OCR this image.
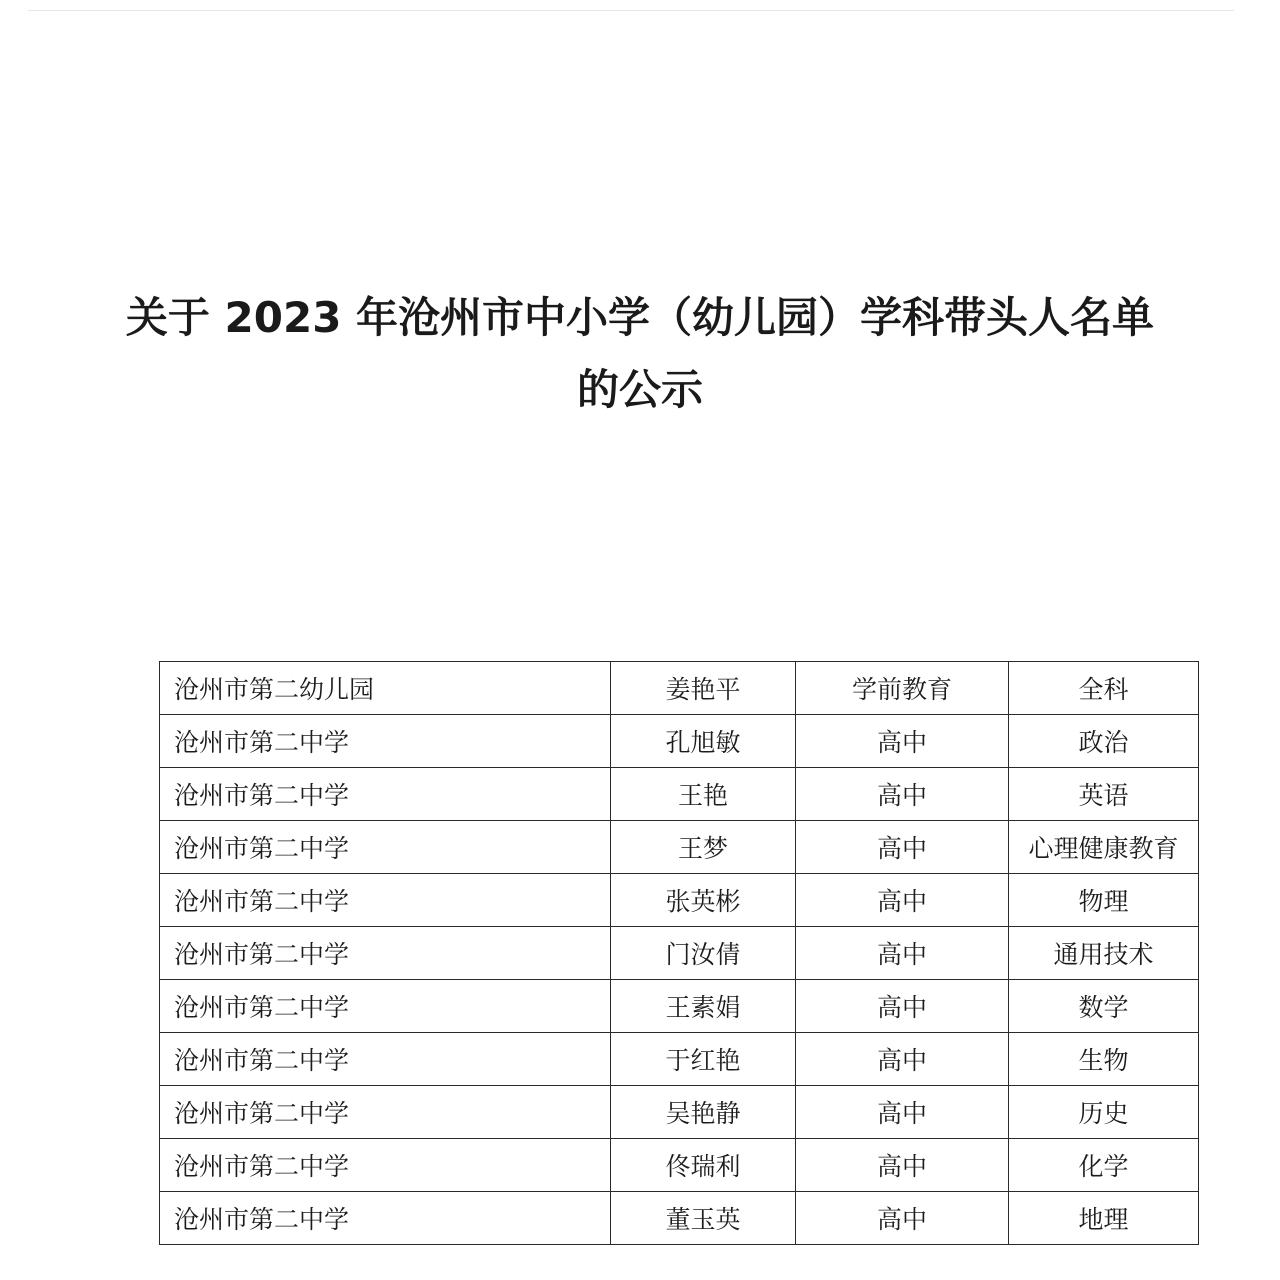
关于 2023 年沧州市中小学（幼儿园）学科带头人名单
的公示
沧州市第二幼儿园	姜艳平	学前教育	全科
沧州市第二中学	孔旭敏	高中	政治
沧州市第二中学	王艳	高中	英语
沧州市第二中学	王梦	高中	心理健康教育
沧州市第二中学	张英彬	高中	物理
沧州市第二中学	门汝倩	高中	通用技术
沧州市第二中学	王素娟	高中	数学
沧州市第二中学	于红艳	高中	生物
沧州市第二中学	吴艳静	高中	历史
沧州市第二中学	佟瑞利	高中	化学
沧州市第二中学	董玉英	高中	地理
